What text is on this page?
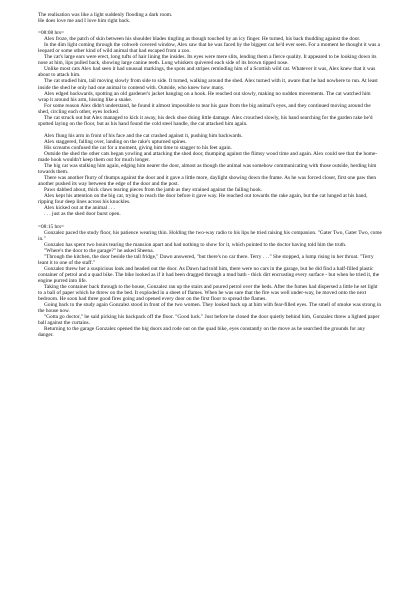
The realisation was like a light suddenly flooding a dark room.

He does love me and I love him right back.

=08:08 hrs=

Alex froze, the patch of skin between his shoulder blades tingling as though touched by an icy finger. He turned, his back thudding against the door.

In the dim light coming through the cobweb covered window, Alex saw that he was faced by the biggest cat he'd ever seen. For a moment he thought it was a leopard or some other kind of wild animal that had escaped from a zoo.

The cat's large ears were erect, long tufts of hair lining the insides. Its eyes were mere slits, lending them a fierce quality. It appeared to be looking down its nose at him, lips pulled back, showing large canine teeth. Long whiskers quivered each side of its brown tipped nose.

Unlike most cats Alex had seen it had unusual markings, the spots and stripes reminding him of a Scottish wild cat. Whatever it was, Alex knew that it was about to attack him.

The cat studied him, tail moving slowly from side to side. It turned, walking around the shed. Alex turned with it, aware that he had nowhere to run. At least inside the shed he only had one animal to contend with. Outside, who knew how many.

Alex edged backwards, spotting an old gardener's jacket hanging on a hook. He reached out slowly, making no sudden movements. The cat watched him wrap it around his arm, hissing like a snake.

For some reason Alex didn't understand, he found it almost impossible to tear his gaze from the big animal's eyes, and they continued moving around the shed, circling each other, eyes locked.

The cat struck out but Alex managed to kick it away, his deck shoe doing little damage. Alex crouched slowly, his hand searching for the garden rake he'd spotted laying on the floor, but as his hand found the cold steel handle, the cat attacked him again.

Alex flung his arm in front of his face and the cat crashed against it, pushing him backwards.

Alex staggered, falling over, landing on the rake's upturned spines.

His screams confused the cat for a moment, giving him time to stagger to his feet again.

Outside the shed the other cats began yowling and attacking the shed door, thumping against the flimsy wood time and again. Alex could see that the home-made hook wouldn't keep them out for much longer.

The big cat was stalking him again, edging him nearer the door, almost as though the animal was somehow communicating with those outside, herding him towards them.

There was another flurry of thumps against the door and it gave a little more, daylight showing down the frame. As he was forced closer, first one paw then another pushed its way between the edge of the door and the post.

Paws dabbed about, thick claws tearing pieces from the jamb as they strained against the failing hook.

Alex kept his attention on the big cat, trying to reach the door before it gave way. He reached out towards the rake again, but the cat lunged at his hand, ripping four deep lines across his knuckles.

Alex kicked out at the animal . . .

. . . just as the shed door burst open.

=08:15 hrs=

Gonzalez paced the study floor, his patience wearing thin. Holding the two-way radio to his lips he tried raising his companion. "Gater Two, Gater Two, come in."

Gonzalez has spent two hours tearing the mansion apart and had nothing to show for it, which pointed to the doctor having told him the truth.

"Where's the door to the garage?" he asked Sheena.

"Through the kitchen, the door beside the tall fridge," Dawn answered, "but there's no car there. Terry . . ." She stopped, a lump rising in her throat. "Terry leant it to one of the staff."

Gonzalez threw her a suspicious look and headed out the door. As Dawn had told him, there were no cars in the garage, but he did find a half-filled plastic container of petrol and a quad bike. The bike looked as if it had been dragged through a mud bath - thick dirt encrusting every surface - but when he tried it, the engine purred into life.

Taking the container back through to the house, Gonzalez ran up the stairs and poured petrol over the beds. After the fumes had dispersed a little he set light to a ball of paper which he threw on the bed. It exploded in a sheet of flames. When he was sure that the fire was well under-way, he moved onto the next bedroom. He soon had three good fires going and opened every door on the first floor to spread the flames.

Going back to the study again Gonzalez stood in front of the two women. They looked back up at him with fear-filled eyes. The smell of smoke was strong in the house now.

"Gotta go doctor," he said picking his backpack off the floor. "Good luck." Just before he closed the door quietly behind him, Gonzalez threw a lighted paper ball against the curtains.

Returning to the garage Gonzalez opened the big doors and rode out on the quad bike, eyes constantly on the move as he searched the grounds for any danger.
